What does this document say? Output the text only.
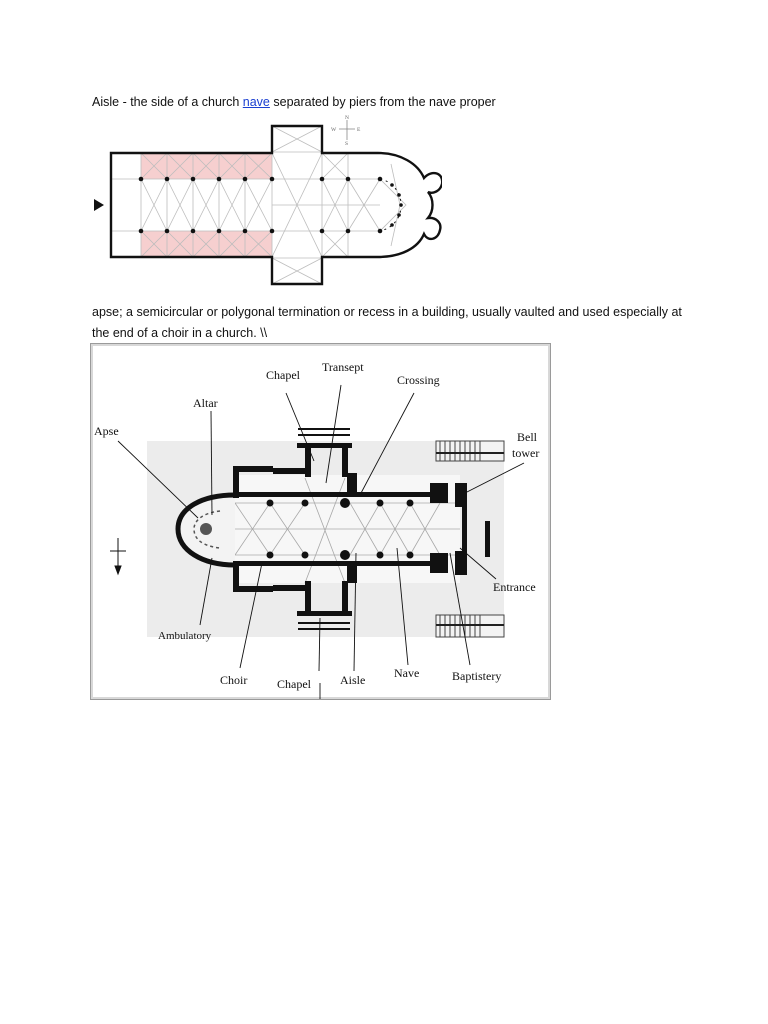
Aisle - the side of a church nave separated by piers from the nave proper
N
S
W	E
apse; a semicircular or polygonal termination or recess in a building, usually vaulted and used especially at the end of a choir in a church. \\
Apse
Altar
Chapel
Transept
Crossing
Bell
tower
Entrance
Ambulatory
Choir Chapel Aisle Nave	Baptistery
